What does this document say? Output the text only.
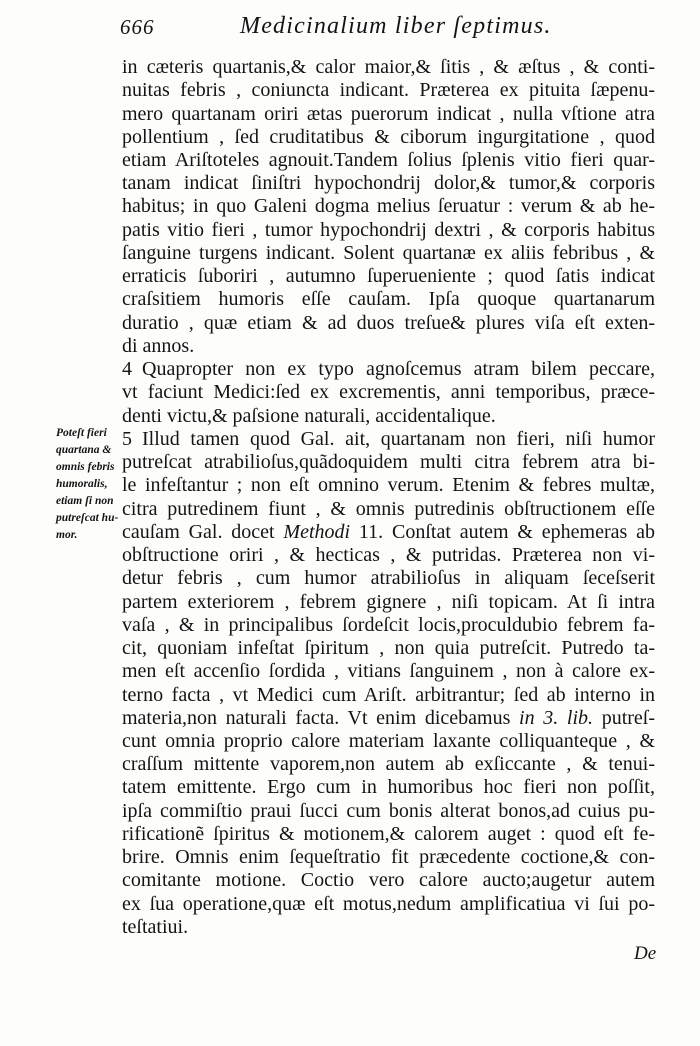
666	Medicinalium liber ſeptimus.
Poteſt fieri
quartana &
omnis febris
humoralis,
etiam ſi non
putreſcat hu-
mor.
in cæteris quartanis,& calor maior,& ſitis , & æſtus , & conti-
nuitas febris , coniuncta indicant. Præterea ex pituita ſæpenu-
mero quartanam oriri ætas puerorum indicat , nulla vſtione atra
pollentium , ſed cruditatibus & ciborum ingurgitatione , quod
etiam Ariſtoteles agnouit.Tandem ſolius ſplenis vitio fieri quar-
tanam indicat ſiniſtri hypochondrij dolor,& tumor,& corporis
habitus; in quo Galeni dogma melius ſeruatur : verum & ab he-
patis vitio fieri , tumor hypochondrij dextri , & corporis habitus
ſanguine turgens indicant. Solent quartanæ ex aliis febribus , &
erraticis ſuboriri , autumno ſuperueniente ; quod ſatis indicat
craſsitiem humoris eſſe cauſam. Ipſa quoque quartanarum
duratio , quæ etiam & ad duos treſue& plures viſa eſt exten-
di annos.
4 Quapropter non ex typo agnoſcemus atram bilem peccare,
vt faciunt Medici:ſed ex excrementis, anni temporibus, præce-
denti victu,& paſsione naturali, accidentalique.
5 Illud tamen quod Gal. ait, quartanam non fieri, niſi humor
putreſcat atrabilioſus,quãdoquidem multi citra febrem atra bi-
le infeſtantur ; non eſt omnino verum. Etenim & febres multæ,
citra putredinem fiunt , & omnis putredinis obſtructionem eſſe
cauſam Gal. docet Methodi 11. Conſtat autem & ephemeras ab
obſtructione oriri , & hecticas , & putridas. Præterea non vi-
detur febris , cum humor atrabilioſus in aliquam ſeceſserit
partem exteriorem , febrem gignere , niſi topicam. At ſi intra
vaſa , & in principalibus ſordeſcit locis,proculdubio febrem fa-
cit, quoniam infeſtat ſpiritum , non quia putreſcit. Putredo ta-
men eſt accenſio ſordida , vitians ſanguinem , non à calore ex-
terno facta , vt Medici cum Ariſt. arbitrantur; ſed ab interno in
materia,non naturali facta. Vt enim dicebamus in 3. lib. putreſ-
cunt omnia proprio calore materiam laxante colliquanteque , &
craſſum mittente vaporem,non autem ab exſiccante , & tenui-
tatem emittente. Ergo cum in humoribus hoc fieri non poſſit,
ipſa commiſtio praui ſucci cum bonis alterat bonos,ad cuius pu-
rificationẽ ſpiritus & motionem,& calorem auget : quod eſt fe-
brire. Omnis enim ſequeſtratio fit præcedente coctione,& con-
comitante motione. Coctio vero calore aucto;augetur autem
ex ſua operatione,quæ eſt motus,nedum amplificatiua vi ſui po-
teſtatiui.
De
